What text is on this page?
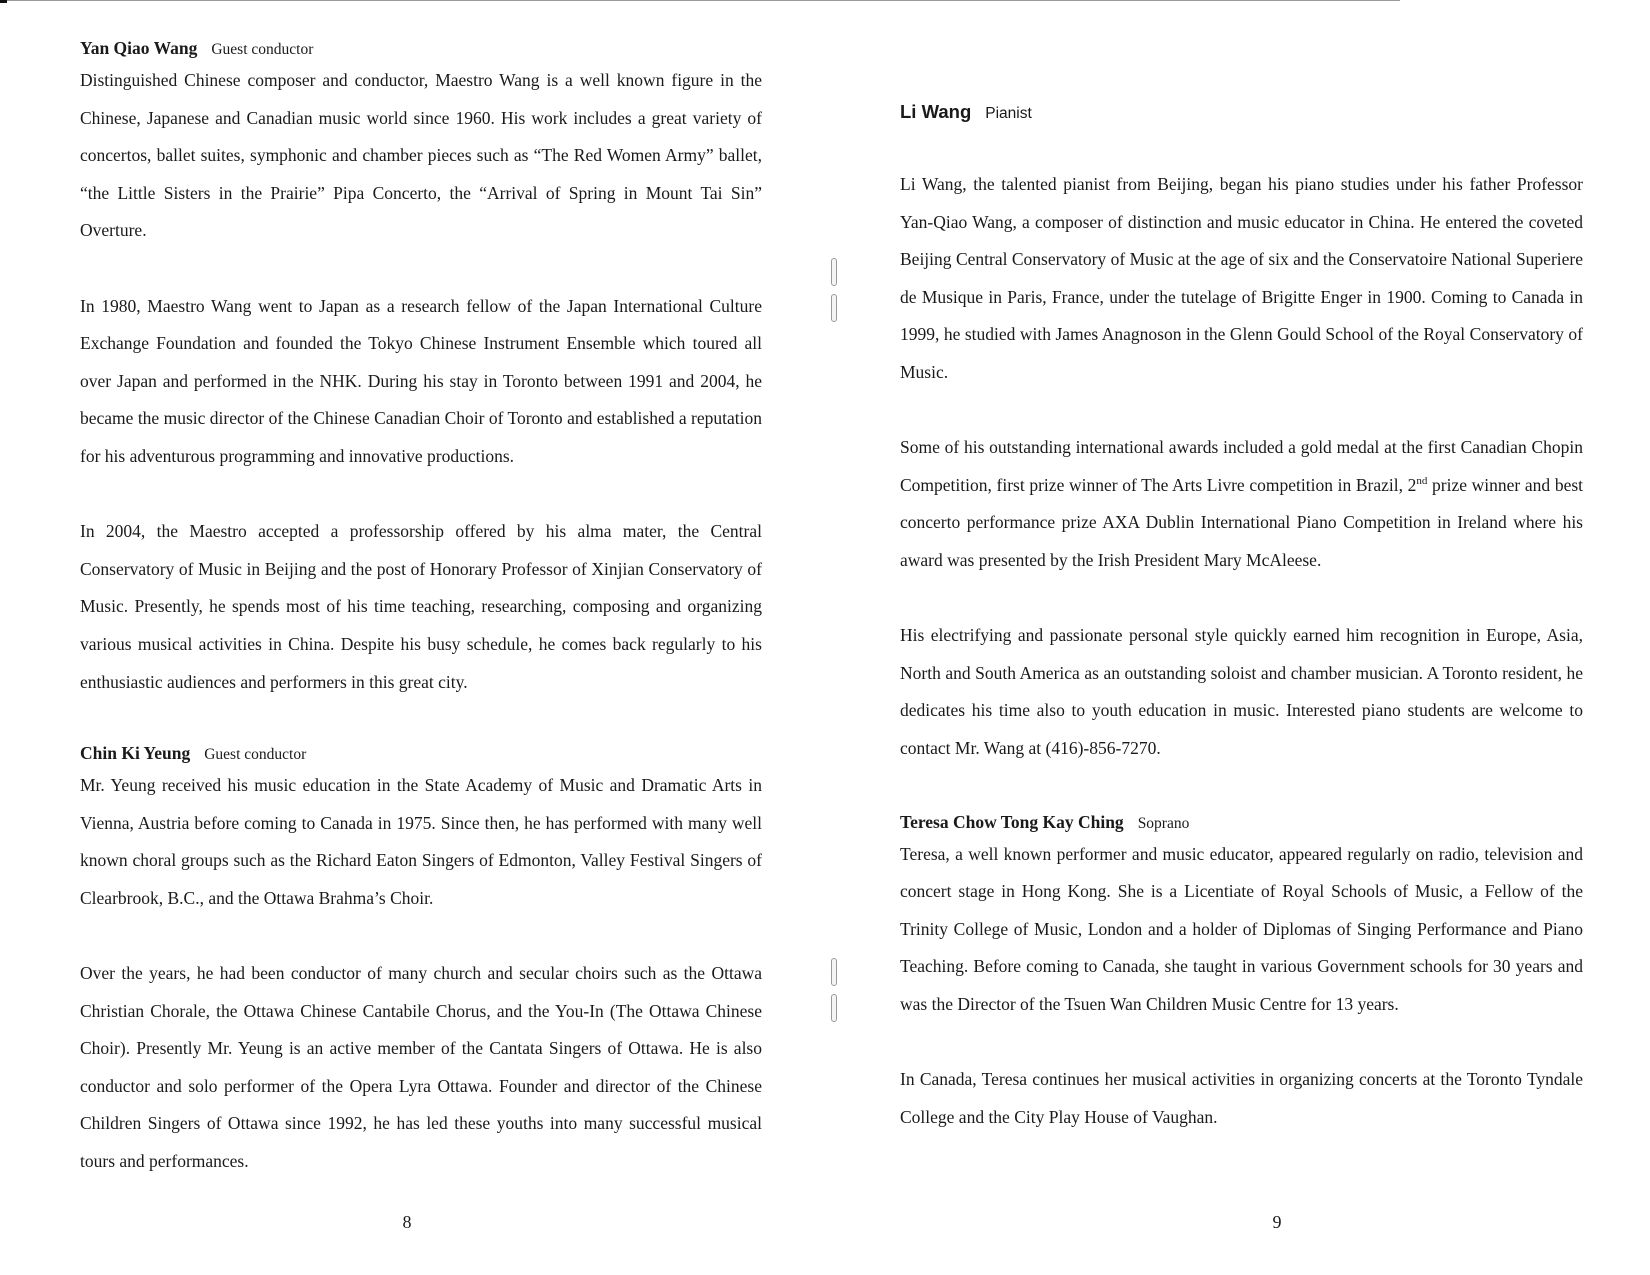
Yan Qiao Wang Guest conductor

Distinguished Chinese composer and conductor, Maestro Wang is a well known figure in the Chinese, Japanese and Canadian music world since 1960. His work includes a great variety of concertos, ballet suites, symphonic and chamber pieces such as “The Red Women Army” ballet, “the Little Sisters in the Prairie” Pipa Concerto, the “Arrival of Spring in Mount Tai Sin” Overture.

In 1980, Maestro Wang went to Japan as a research fellow of the Japan International Culture Exchange Foundation and founded the Tokyo Chinese Instrument Ensemble which toured all over Japan and performed in the NHK. During his stay in Toronto between 1991 and 2004, he became the music director of the Chinese Canadian Choir of Toronto and established a reputation for his adventurous programming and innovative productions.

In 2004, the Maestro accepted a professorship offered by his alma mater, the Central Conservatory of Music in Beijing and the post of Honorary Professor of Xinjian Conservatory of Music. Presently, he spends most of his time teaching, researching, composing and organizing various musical activities in China. Despite his busy schedule, he comes back regularly to his enthusiastic audiences and performers in this great city.

Chin Ki Yeung Guest conductor

Mr. Yeung received his music education in the State Academy of Music and Dramatic Arts in Vienna, Austria before coming to Canada in 1975. Since then, he has performed with many well known choral groups such as the Richard Eaton Singers of Edmonton, Valley Festival Singers of Clearbrook, B.C., and the Ottawa Brahma’s Choir.

Over the years, he had been conductor of many church and secular choirs such as the Ottawa Christian Chorale, the Ottawa Chinese Cantabile Chorus, and the You-In (The Ottawa Chinese Choir). Presently Mr. Yeung is an active member of the Cantata Singers of Ottawa. He is also conductor and solo performer of the Opera Lyra Ottawa. Founder and director of the Chinese Children Singers of Ottawa since 1992, he has led these youths into many successful musical tours and performances.

8

Li Wang Pianist

Li Wang, the talented pianist from Beijing, began his piano studies under his father Professor Yan-Qiao Wang, a composer of distinction and music educator in China. He entered the coveted Beijing Central Conservatory of Music at the age of six and the Conservatoire National Superiere de Musique in Paris, France, under the tutelage of Brigitte Enger in 1900. Coming to Canada in 1999, he studied with James Anagnoson in the Glenn Gould School of the Royal Conservatory of Music.

Some of his outstanding international awards included a gold medal at the first Canadian Chopin Competition, first prize winner of The Arts Livre competition in Brazil, 2nd prize winner and best concerto performance prize AXA Dublin International Piano Competition in Ireland where his award was presented by the Irish President Mary McAleese.

His electrifying and passionate personal style quickly earned him recognition in Europe, Asia, North and South America as an outstanding soloist and chamber musician. A Toronto resident, he dedicates his time also to youth education in music. Interested piano students are welcome to contact Mr. Wang at (416)-856-7270.

Teresa Chow Tong Kay Ching Soprano

Teresa, a well known performer and music educator, appeared regularly on radio, television and concert stage in Hong Kong. She is a Licentiate of Royal Schools of Music, a Fellow of the Trinity College of Music, London and a holder of Diplomas of Singing Performance and Piano Teaching. Before coming to Canada, she taught in various Government schools for 30 years and was the Director of the Tsuen Wan Children Music Centre for 13 years.

In Canada, Teresa continues her musical activities in organizing concerts at the Toronto Tyndale College and the City Play House of Vaughan.

9
